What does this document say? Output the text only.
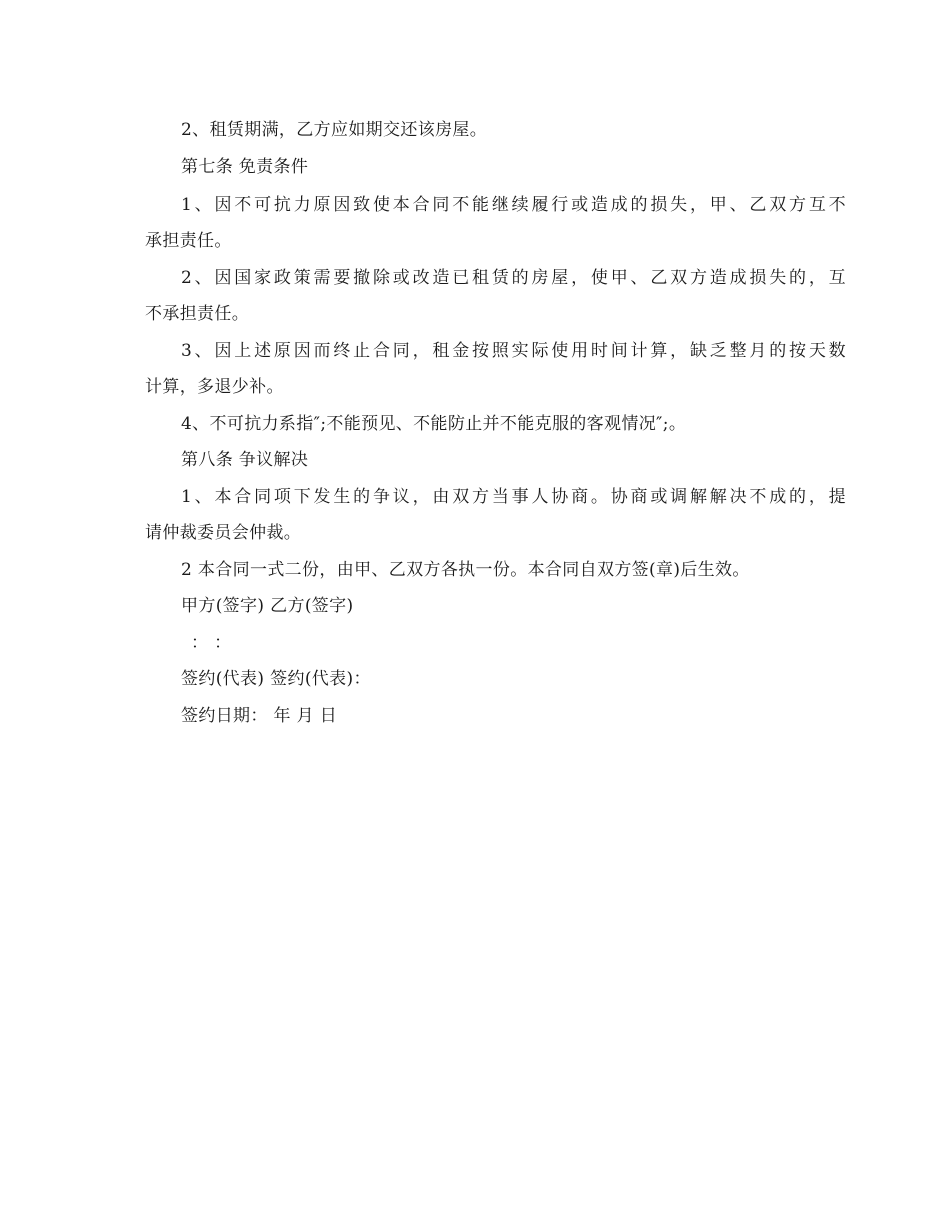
2、租赁期满，乙方应如期交还该房屋。
第七条 免责条件
1、因不可抗力原因致使本合同不能继续履行或造成的损失，甲、乙双方互不
承担责任。
2、因国家政策需要撤除或改造已租赁的房屋，使甲、乙双方造成损失的，互
不承担责任。
3、因上述原因而终止合同，租金按照实际使用时间计算，缺乏整月的按天数
计算，多退少补。
4、不可抗力系指″;不能预见、不能防止并不能克服的客观情况″;。
第八条 争议解决
1、本合同项下发生的争议，由双方当事人协商。协商或调解解决不成的，提
请仲裁委员会仲裁。
2 本合同一式二份，由甲、乙双方各执一份。本合同自双方签(章)后生效。
甲方(签字) 乙方(签字)
： ：
签约(代表) 签约(代表)：
签约日期： 年 月 日
